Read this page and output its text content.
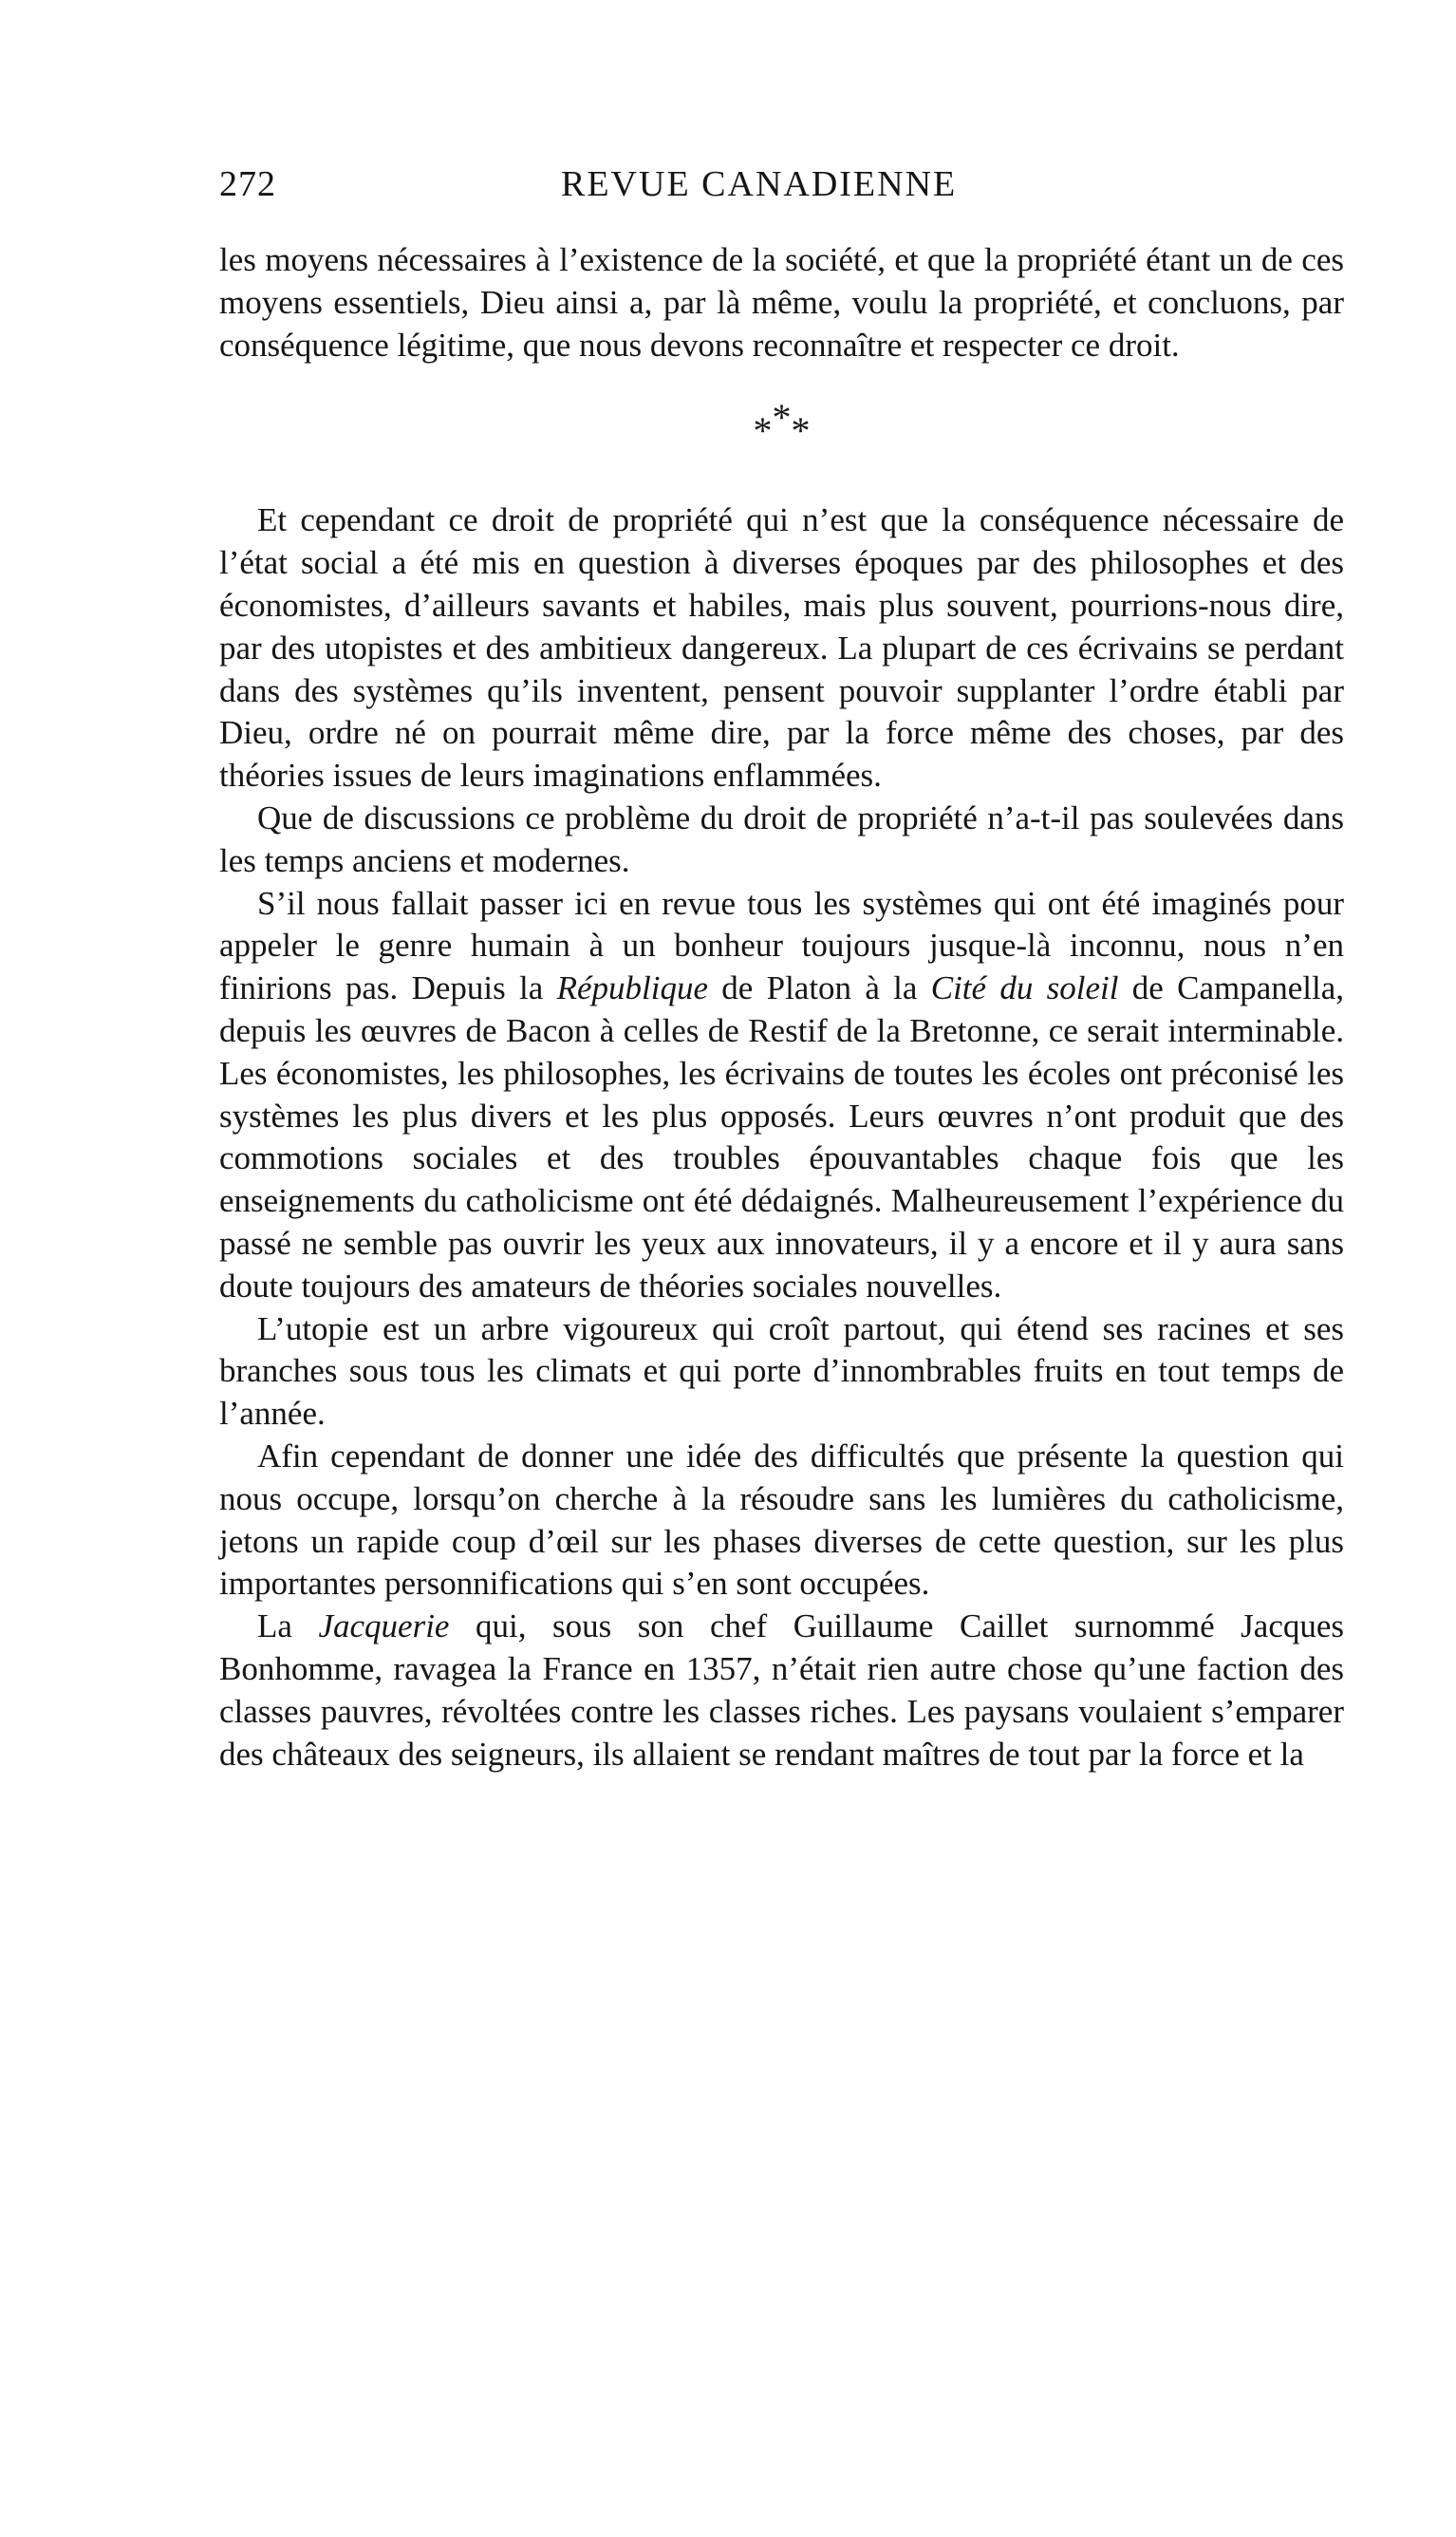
272	REVUE CANADIENNE

les moyens nécessaires à l’existence de la société, et que la propriété étant un de ces moyens essentiels, Dieu ainsi a, par là même, voulu la propriété, et concluons, par conséquence légitime, que nous devons reconnaître et respecter ce droit.

***

Et cependant ce droit de propriété qui n’est que la conséquence nécessaire de l’état social a été mis en question à diverses époques par des philosophes et des économistes, d’ailleurs savants et habiles, mais plus souvent, pourrions-nous dire, par des utopistes et des ambitieux dangereux. La plupart de ces écrivains se perdant dans des systèmes qu’ils inventent, pensent pouvoir supplanter l’ordre établi par Dieu, ordre né on pourrait même dire, par la force même des choses, par des théories issues de leurs imaginations enflammées.

Que de discussions ce problème du droit de propriété n’a-t-il pas soulevées dans les temps anciens et modernes.

S’il nous fallait passer ici en revue tous les systèmes qui ont été imaginés pour appeler le genre humain à un bonheur toujours jusque-là inconnu, nous n’en finirions pas. Depuis la République de Platon à la Cité du soleil de Campanella, depuis les œuvres de Bacon à celles de Restif de la Bretonne, ce serait interminable. Les économistes, les philosophes, les écrivains de toutes les écoles ont préconisé les systèmes les plus divers et les plus opposés. Leurs œuvres n’ont produit que des commotions sociales et des troubles épouvantables chaque fois que les enseignements du catholicisme ont été dédaignés. Malheureusement l’expérience du passé ne semble pas ouvrir les yeux aux innovateurs, il y a encore et il y aura sans doute toujours des amateurs de théories sociales nouvelles.

L’utopie est un arbre vigoureux qui croît partout, qui étend ses racines et ses branches sous tous les climats et qui porte d’innombrables fruits en tout temps de l’année.

Afin cependant de donner une idée des difficultés que présente la question qui nous occupe, lorsqu’on cherche à la résoudre sans les lumières du catholicisme, jetons un rapide coup d’œil sur les phases diverses de cette question, sur les plus importantes personnifications qui s’en sont occupées.

La Jacquerie qui, sous son chef Guillaume Caillet surnommé Jacques Bonhomme, ravagea la France en 1357, n’était rien autre chose qu’une faction des classes pauvres, révoltées contre les classes riches. Les paysans voulaient s’emparer des châteaux des seigneurs, ils allaient se rendant maîtres de tout par la force et la
